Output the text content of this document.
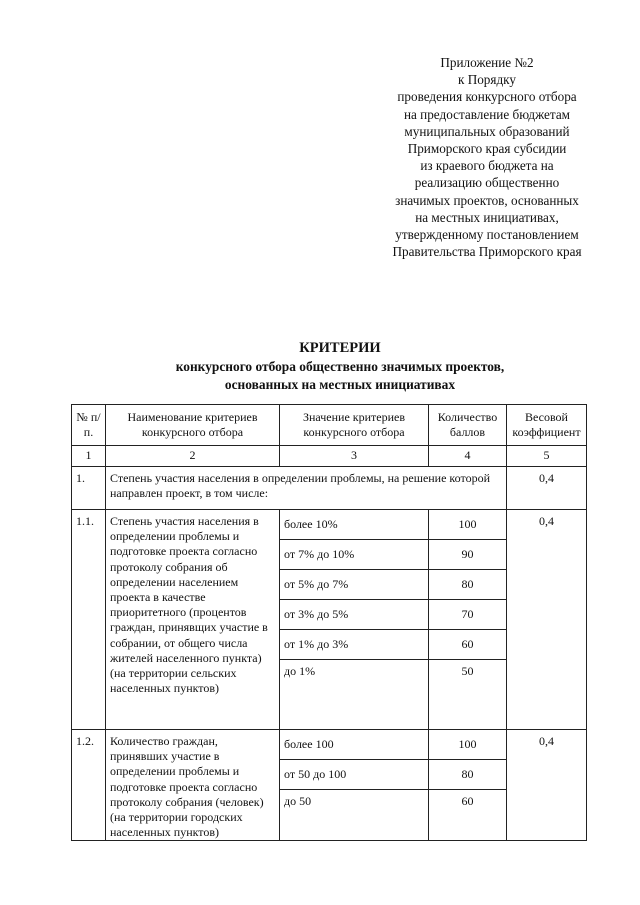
Приложение №2
к Порядку
проведения конкурсного отбора
на предоставление бюджетам
муниципальных образований
Приморского края субсидии
из краевого бюджета на
реализацию общественно
значимых проектов, основанных
на местных инициативах,
утвержденному постановлением
Правительства Приморского края
КРИТЕРИИ
конкурсного отбора общественно значимых проектов,
основанных на местных инициативах
№ п/п.	Наименование критериев конкурсного отбора	Значение критериев конкурсного отбора	Количество баллов	Весовой коэффициент
1	2	3	4	5
1.	Степень участия населения в определении проблемы, на решение которой направлен проект, в том числе:			0,4
1.1.	Степень участия населения в определении проблемы и подготовке проекта согласно протоколу собрания об определении населением проекта в качестве приоритетного (процентов граждан, принявщих участие в собрании, от общего числа жителей населенного пункта) (на территории сельских населенных пунктов)	более 10%	100	0,4
		от 7% до 10%	90	
		от 5% до 7%	80	
		от 3% до 5%	70	
		от 1% до 3%	60	
		до 1%	50	
1.2.	Количество граждан, принявших участие в определении проблемы и подготовке проекта согласно протоколу собрания (человек) (на территории городских населенных пунктов)	более 100	100	0,4
		от 50 до 100	80	
		до 50	60	
